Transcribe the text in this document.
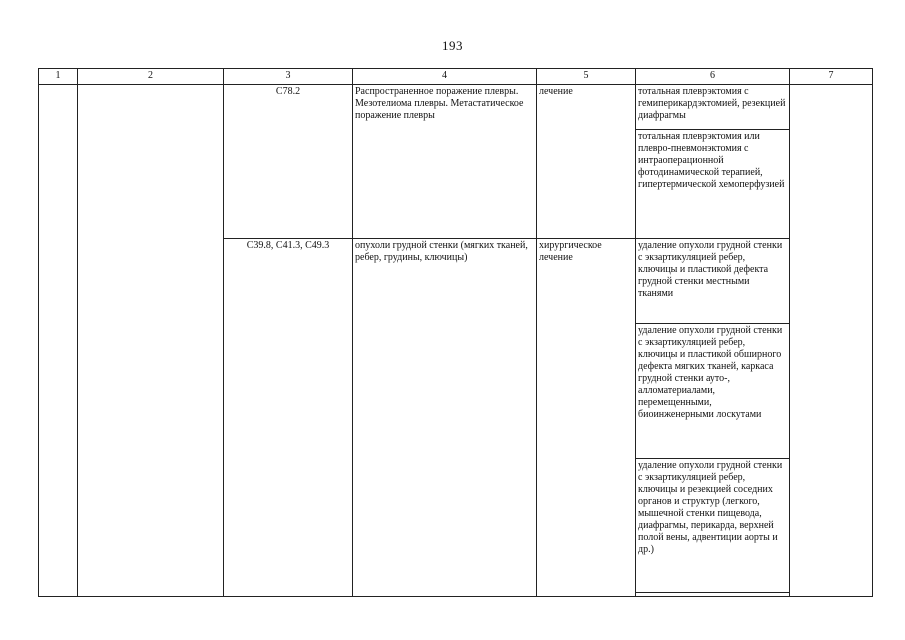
193
1	2	3	4	5	6	7
		C78.2	Распространенное поражение плевры. Мезотелиома плевры. Метастатическое поражение плевры	лечение	тотальная плеврэктомия с гемиперикардэктомией, резекцией диафрагмы	
					тотальная плеврэктомия или плевро-пневмонэктомия с интраоперационной фотодинамической терапией, гипертермической хемоперфузией	
		C39.8, C41.3, C49.3	опухоли грудной стенки (мягких тканей, ребер, грудины, ключицы)	хирургическое лечение	удаление опухоли грудной стенки с экзартикуляцией ребер, ключицы и пластикой дефекта грудной стенки местными тканями	
					удаление опухоли грудной стенки с экзартикуляцией ребер, ключицы и пластикой обширного дефекта мягких тканей, каркаса грудной стенки ауто-, алломатериалами, перемещенными, биоинженерными лоскутами	
					удаление опухоли грудной стенки с экзартикуляцией ребер, ключицы и резекцией соседних органов и структур (легкого, мышечной стенки пищевода, диафрагмы, перикарда, верхней полой вены, адвентиции аорты и др.)	
